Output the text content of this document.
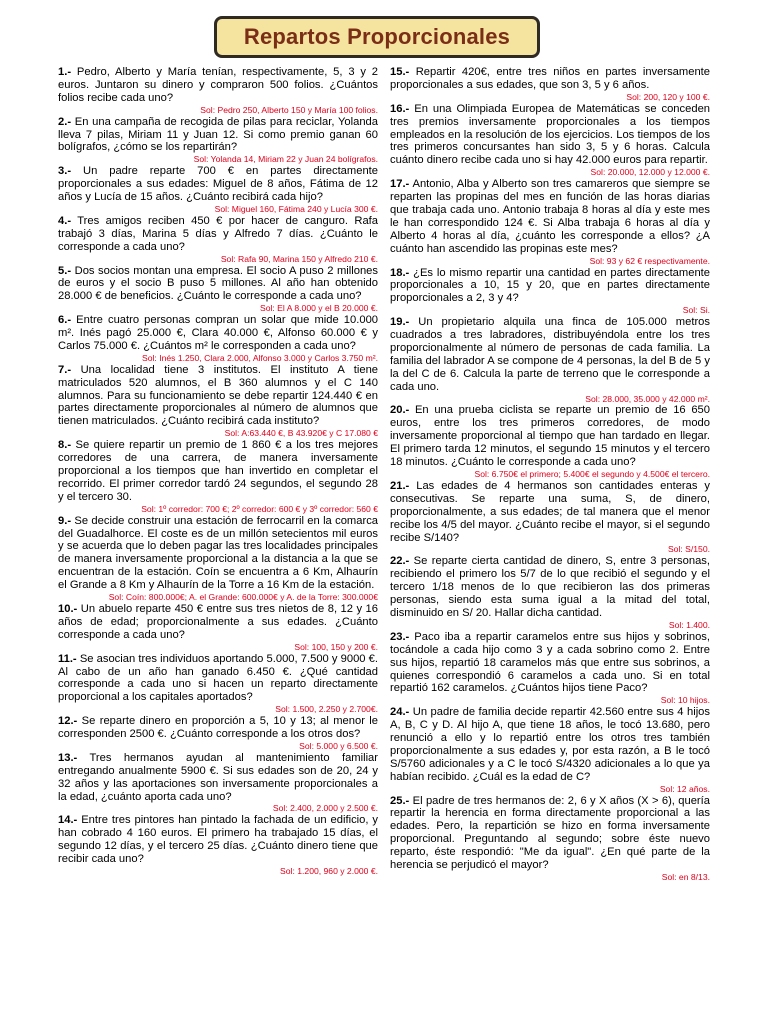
Repartos Proporcionales

1.- Pedro, Alberto y María tenían, respectivamente, 5, 3 y 2 euros. Juntaron su dinero y compraron 500 folios. ¿Cuántos folios recibe cada uno?

Sol: Pedro 250, Alberto 150 y María 100 folios.

2.- En una campaña de recogida de pilas para reciclar, Yolanda lleva 7 pilas, Miriam 11 y Juan 12. Si como premio ganan 60 bolígrafos, ¿cómo se los repartirán?

Sol: Yolanda 14, Miriam 22 y Juan 24 bolígrafos.

3.- Un padre reparte 700 € en partes directamente proporcionales a sus edades: Miguel de 8 años, Fátima de 12 años y Lucía de 15 años. ¿Cuánto recibirá cada hijo?

Sol: Miguel 160, Fátima 240 y Lucía 300 €.

4.- Tres amigos reciben 450 € por hacer de canguro. Rafa trabajó 3 días, Marina 5 días y Alfredo 7 días. ¿Cuánto le corresponde a cada uno?

Sol: Rafa 90, Marina 150 y Alfredo 210 €.

5.- Dos socios montan una empresa. El socio A puso 2 millones de euros y el socio B puso 5 millones. Al año han obtenido 28.000 € de beneficios. ¿Cuánto le corresponde a cada uno?

Sol: El A 8.000 y el B 20.000 €.

6.- Entre cuatro personas compran un solar que mide 10.000 m². Inés pagó 25.000 €, Clara 40.000 €, Alfonso 60.000 € y Carlos 75.000 €. ¿Cuántos m² le corresponden a cada uno?

Sol: Inés 1.250, Clara 2.000, Alfonso 3.000 y Carlos 3.750 m².

7.- Una localidad tiene 3 institutos. El instituto A tiene matriculados 520 alumnos, el B 360 alumnos y el C 140 alumnos. Para su funcionamiento se debe repartir 124.440 € en partes directamente proporcionales al número de alumnos que tienen matriculados. ¿Cuánto recibirá cada instituto?

Sol: A:63.440 €, B 43.920€ y C 17.080 €

8.- Se quiere repartir un premio de 1 860 € a los tres mejores corredores de una carrera, de manera inversamente proporcional a los tiempos que han invertido en completar el recorrido. El primer corredor tardó 24 segundos, el segundo 28 y el tercero 30.

Sol: 1º corredor: 700 €; 2º corredor: 600 € y 3º corredor: 560 €

9.- Se decide construir una estación de ferrocarril en la comarca del Guadalhorce. El coste es de un millón setecientos mil euros y se acuerda que lo deben pagar las tres localidades principales de manera inversamente proporcional a la distancia a la que se encuentran de la estación. Coín se encuentra a 6 Km, Alhaurín el Grande a 8 Km y Alhaurín de la Torre a 16 Km de la estación.

Sol: Coín: 800.000€; A. el Grande: 600.000€ y A. de la Torre: 300.000€

10.- Un abuelo reparte 450 € entre sus tres nietos de 8, 12 y 16 años de edad; proporcionalmente a sus edades. ¿Cuánto corresponde a cada uno?

Sol: 100, 150 y 200 €.

11.- Se asocian tres individuos aportando 5.000, 7.500 y 9000 €. Al cabo de un año han ganado 6.450 €. ¿Qué cantidad corresponde a cada uno si hacen un reparto directamente proporcional a los capitales aportados?

Sol: 1.500, 2.250 y 2.700€.

12.- Se reparte dinero en proporción a 5, 10 y 13; al menor le corresponden 2500 €. ¿Cuánto corresponde a los otros dos?

Sol: 5.000 y 6.500 €.

13.- Tres hermanos ayudan al mantenimiento familiar entregando anualmente 5900 €. Si sus edades son de 20, 24 y 32 años y las aportaciones son inversamente proporcionales a la edad, ¿cuánto aporta cada uno?

Sol: 2.400, 2.000 y 2.500 €.

14.- Entre tres pintores han pintado la fachada de un edificio, y han cobrado 4 160 euros. El primero ha trabajado 15 días, el segundo 12 días, y el tercero 25 días. ¿Cuánto dinero tiene que recibir cada uno?

Sol: 1.200, 960 y 2.000 €.

15.- Repartir 420€, entre tres niños en partes inversamente proporcionales a sus edades, que son 3, 5 y 6 años.

Sol: 200, 120 y 100 €.

16.- En una Olimpiada Europea de Matemáticas se conceden tres premios inversamente proporcionales a los tiempos empleados en la resolución de los ejercicios. Los tiempos de los tres primeros concursantes han sido 3, 5 y 6 horas. Calcula cuánto dinero recibe cada uno si hay 42.000 euros para repartir.

Sol: 20.000, 12.000 y 12.000 €.

17.- Antonio, Alba y Alberto son tres camareros que siempre se reparten las propinas del mes en función de las horas diarias que trabaja cada uno. Antonio trabaja 8 horas al día y este mes le han correspondido 124 €. Si Alba trabaja 6 horas al día y Alberto 4 horas al día, ¿cuánto les corresponde a ellos? ¿A cuánto han ascendido las propinas este mes?

Sol: 93 y 62 € respectivamente.

18.- ¿Es lo mismo repartir una cantidad en partes directamente proporcionales a 10, 15 y 20, que en partes directamente proporcionales a 2, 3 y 4?

Sol: Si.

19.- Un propietario alquila una finca de 105.000 metros cuadrados a tres labradores, distribuyéndola entre los tres proporcionalmente al número de personas de cada familia. La familia del labrador A se compone de 4 personas, la del B de 5 y la del C de 6. Calcula la parte de terreno que le corresponde a cada uno.

Sol: 28.000, 35.000 y 42.000 m².

20.- En una prueba ciclista se reparte un premio de 16 650 euros, entre los tres primeros corredores, de modo inversamente proporcional al tiempo que han tardado en llegar. El primero tarda 12 minutos, el segundo 15 minutos y el tercero 18 minutos. ¿Cuánto le corresponde a cada uno?

Sol: 6.750€ el primero; 5.400€ el segundo y 4.500€ el tercero.

21.- Las edades de 4 hermanos son cantidades enteras y consecutivas. Se reparte una suma, S, de dinero, proporcionalmente, a sus edades; de tal manera que el menor recibe los 4/5 del mayor. ¿Cuánto recibe el mayor, si el segundo recibe S/140?

Sol: S/150.

22.- Se reparte cierta cantidad de dinero, S, entre 3 personas, recibiendo el primero los 5/7 de lo que recibió el segundo y el tercero 1/18 menos de lo que recibieron las dos primeras personas, siendo esta suma igual a la mitad del total, disminuido en S/ 20. Hallar dicha cantidad.

Sol: 1.400.

23.- Paco iba a repartir caramelos entre sus hijos y sobrinos, tocándole a cada hijo como 3 y a cada sobrino como 2. Entre sus hijos, repartió 18 caramelos más que entre sus sobrinos, a quienes correspondió 6 caramelos a cada uno. Si en total repartió 162 caramelos. ¿Cuántos hijos tiene Paco?

Sol: 10 hijos.

24.- Un padre de familia decide repartir 42.560 entre sus 4 hijos A, B, C y D. Al hijo A, que tiene 18 años, le tocó 13.680, pero renunció a ello y lo repartió entre los otros tres también proporcionalmente a sus edades y, por esta razón, a B le tocó S/5760 adicionales y a C le tocó S/4320 adicionales a lo que ya habían recibido. ¿Cuál es la edad de C?

Sol: 12 años.

25.- El padre de tres hermanos de: 2, 6 y X años (X > 6), quería repartir la herencia en forma directamente proporcional a las edades. Pero, la repartición se hizo en forma inversamente proporcional. Preguntando al segundo; sobre éste nuevo reparto, éste respondió: "Me da igual". ¿En qué parte de la herencia se perjudicó el mayor?

Sol: en 8/13.
